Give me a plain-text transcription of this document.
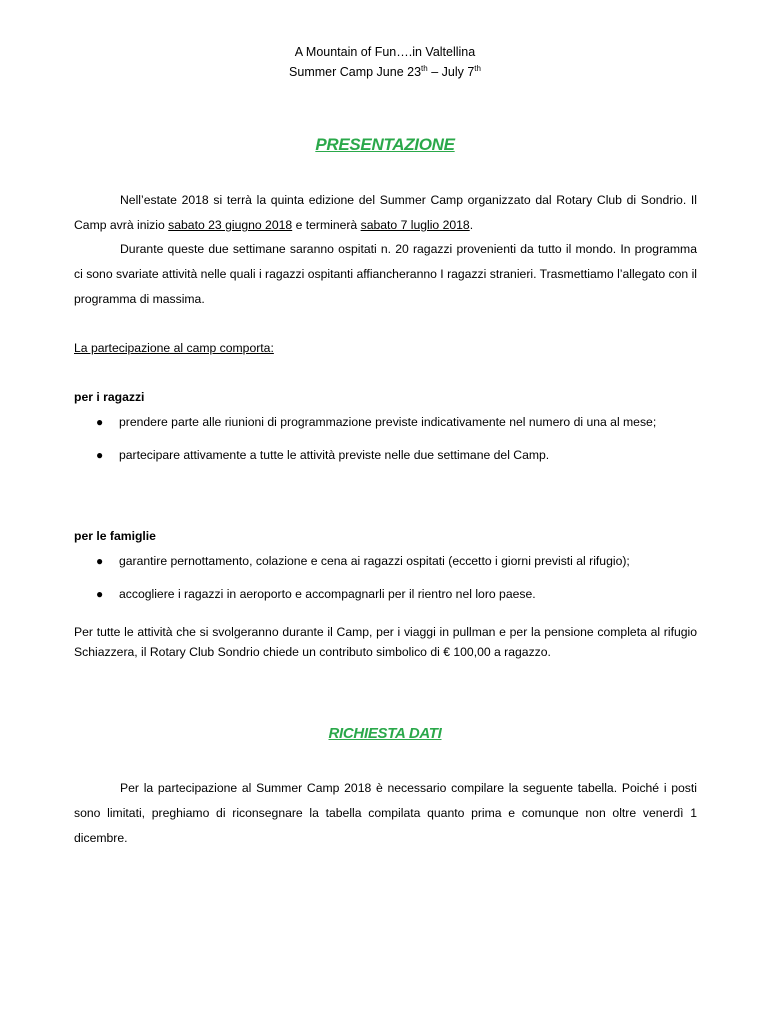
A Mountain of Fun….in Valtellina
Summer Camp June 23th – July 7th
PRESENTAZIONE
Nell’estate 2018 si terrà la quinta edizione del Summer Camp organizzato dal Rotary Club di Sondrio. Il Camp avrà inizio sabato 23 giugno 2018 e terminerà sabato 7 luglio 2018.
Durante queste due settimane saranno ospitati n. 20 ragazzi provenienti da tutto il mondo. In programma ci sono svariate attività nelle quali i ragazzi ospitanti affiancheranno I ragazzi stranieri. Trasmettiamo l’allegato con il programma di massima.
La partecipazione al camp comporta:
per i ragazzi
● prendere parte alle riunioni di programmazione previste indicativamente nel numero di una al mese;
● partecipare attivamente a tutte le attività previste nelle due settimane del Camp.
per le famiglie
● garantire pernottamento, colazione e cena ai ragazzi ospitati (eccetto i giorni previsti al rifugio);
● accogliere i ragazzi in aeroporto e accompagnarli per il rientro nel loro paese.
Per tutte le attività che si svolgeranno durante il Camp, per i viaggi in pullman e per la pensione completa al rifugio Schiazzera, il Rotary Club Sondrio chiede un contributo simbolico di € 100,00 a ragazzo.
RICHIESTA DATI
Per la partecipazione al Summer Camp 2018 è necessario compilare la seguente tabella. Poiché i posti sono limitati, preghiamo di riconsegnare la tabella compilata quanto prima e comunque non oltre venerdì 1 dicembre.
